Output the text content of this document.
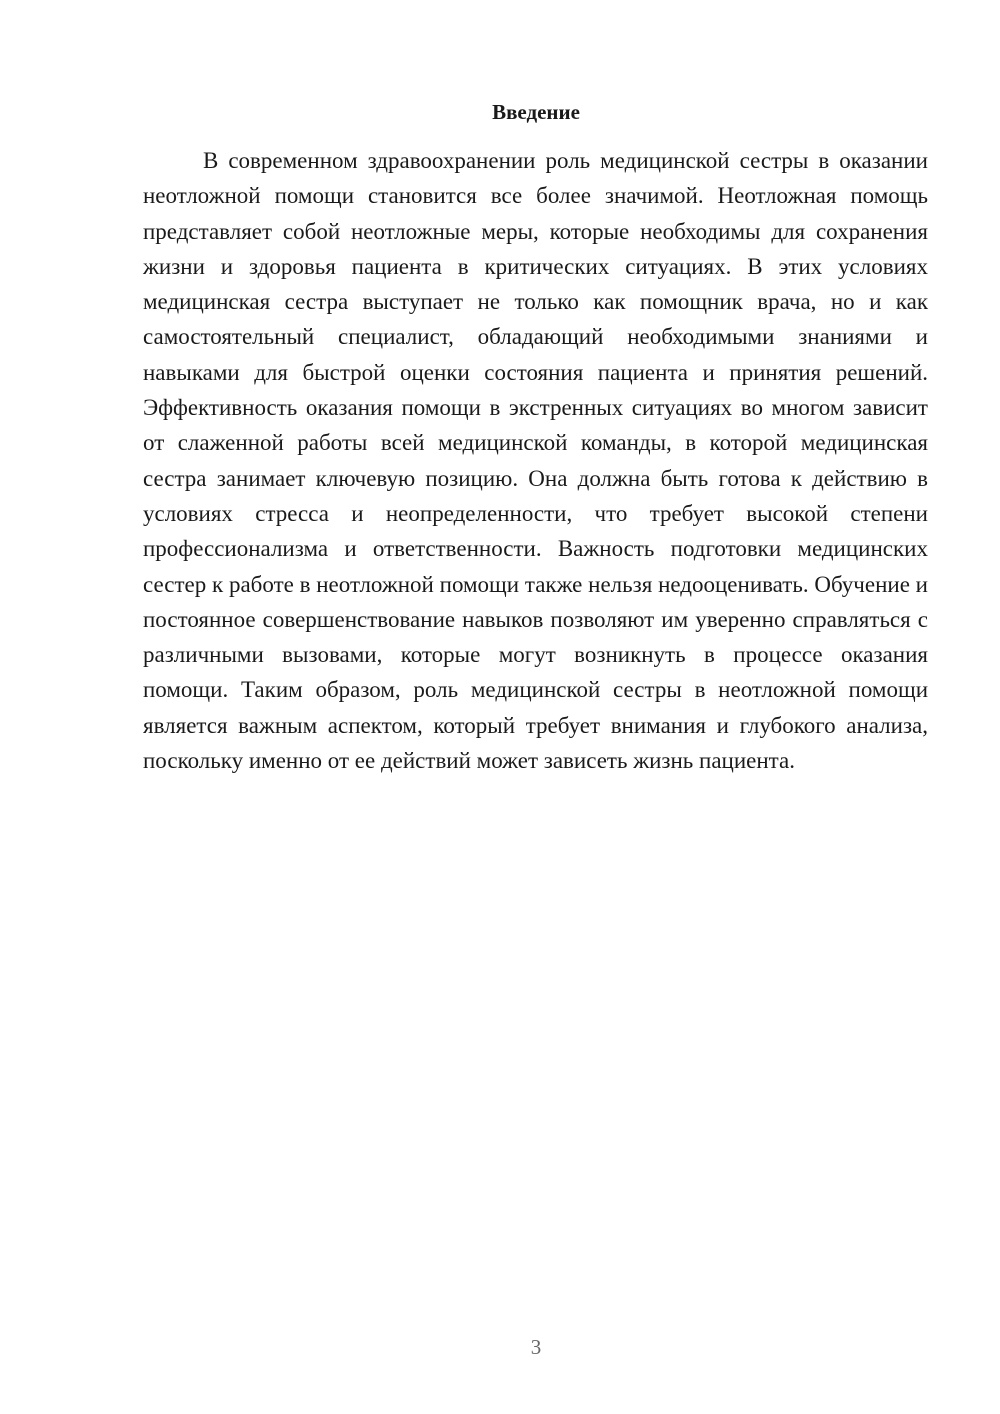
Введение

В современном здравоохранении роль медицинской сестры в оказании неотложной помощи становится все более значимой. Неотложная помощь представляет собой неотложные меры, которые необходимы для сохранения жизни и здоровья пациента в критических ситуациях. В этих условиях медицинская сестра выступает не только как помощник врача, но и как самостоятельный специалист, обладающий необходимыми знаниями и навыками для быстрой оценки состояния пациента и принятия решений. Эффективность оказания помощи в экстренных ситуациях во многом зависит от слаженной работы всей медицинской команды, в которой медицинская сестра занимает ключевую позицию. Она должна быть готова к действию в условиях стресса и неопределенности, что требует высокой степени профессионализма и ответственности. Важность подготовки медицинских сестер к работе в неотложной помощи также нельзя недооценивать. Обучение и постоянное совершенствование навыков позволяют им уверенно справляться с различными вызовами, которые могут возникнуть в процессе оказания помощи. Таким образом, роль медицинской сестры в неотложной помощи является важным аспектом, который требует внимания и глубокого анализа, поскольку именно от ее действий может зависеть жизнь пациента.

3
